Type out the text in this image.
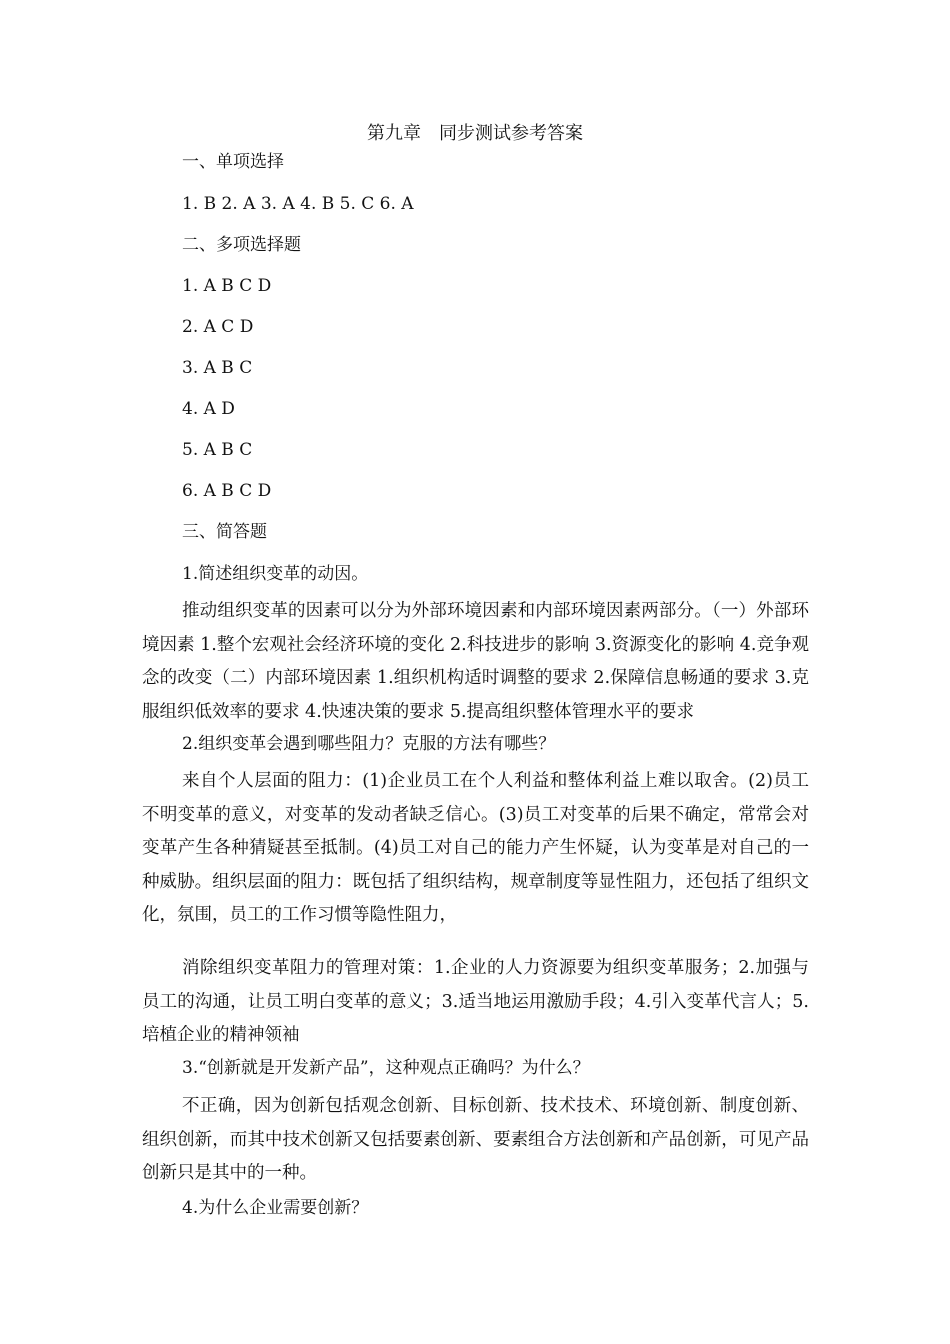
第九章　同步测试参考答案
一、单项选择
1. B 2. A 3. A 4. B 5. C 6. A
二、多项选择题
1. A B C D
2. A C D
3. A B C
4. A D
5. A B C
6. A B C D
三、简答题
1.简述组织变革的动因。
推动组织变革的因素可以分为外部环境因素和内部环境因素两部分。（一）外部环境因素 1.整个宏观社会经济环境的变化 2.科技进步的影响 3.资源变化的影响 4.竞争观念的改变（二）内部环境因素 1.组织机构适时调整的要求 2.保障信息畅通的要求 3.克服组织低效率的要求 4.快速决策的要求 5.提高组织整体管理水平的要求
2.组织变革会遇到哪些阻力？克服的方法有哪些？
来自个人层面的阻力：(1)企业员工在个人利益和整体利益上难以取舍。(2)员工不明变革的意义，对变革的发动者缺乏信心。(3)员工对变革的后果不确定，常常会对变革产生各种猜疑甚至抵制。(4)员工对自己的能力产生怀疑，认为变革是对自己的一种威胁。组织层面的阻力：既包括了组织结构，规章制度等显性阻力，还包括了组织文化，氛围，员工的工作习惯等隐性阻力，
消除组织变革阻力的管理对策：1.企业的人力资源要为组织变革服务；2.加强与员工的沟通，让员工明白变革的意义；3.适当地运用激励手段；4.引入变革代言人；5.培植企业的精神领袖
3.“创新就是开发新产品”，这种观点正确吗？为什么？
不正确，因为创新包括观念创新、目标创新、技术技术、环境创新、制度创新、组织创新，而其中技术创新又包括要素创新、要素组合方法创新和产品创新，可见产品创新只是其中的一种。
4.为什么企业需要创新？
